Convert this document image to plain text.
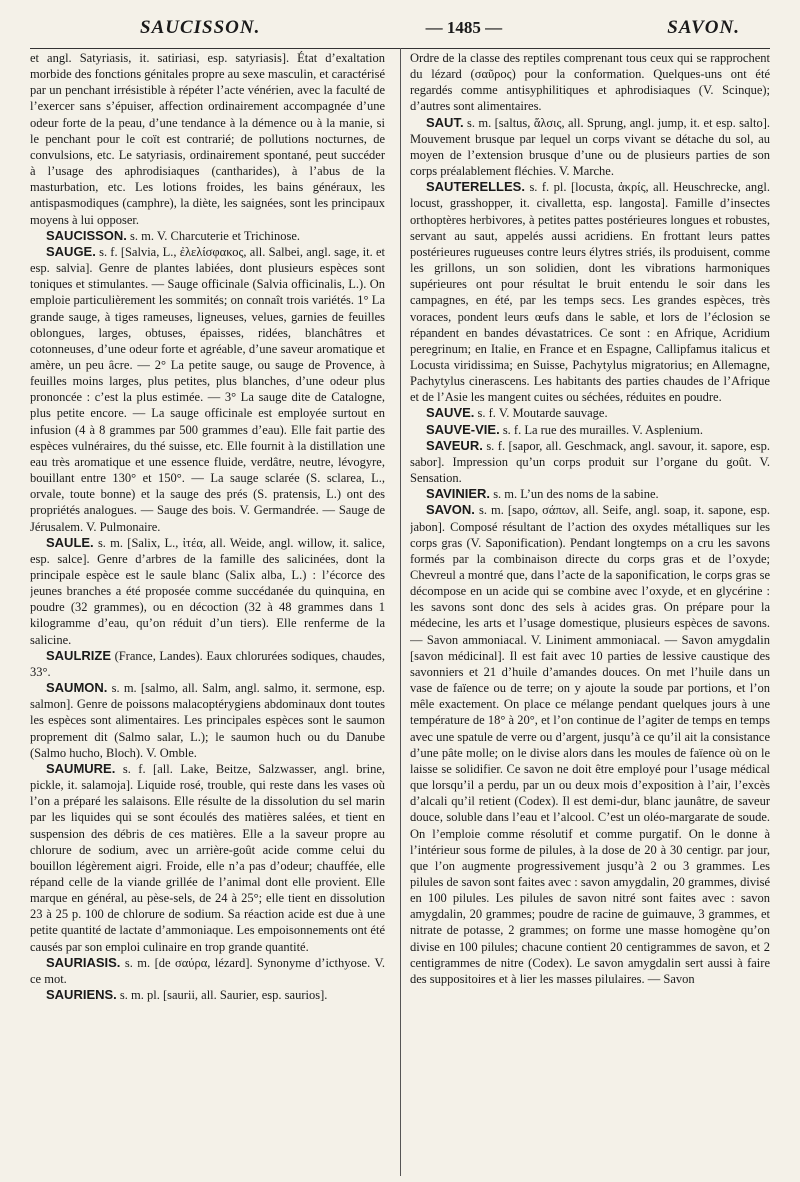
SAUCISSON.	— 1485 —	SAVON.

et angl. Satyriasis, it. satiriasi, esp. satyriasis]. État d’exaltation morbide des fonctions génitales propre au sexe masculin, et caractérisé par un penchant irrésistible à répéter l’acte vénérien, avec la faculté de l’exercer sans s’épuiser, affection ordinairement accompagnée d’une odeur forte de la peau, d’une tendance à la démence ou à la manie, si le penchant pour le coït est contrarié; de pollutions nocturnes, de convulsions, etc. Le satyriasis, ordinairement spontané, peut succéder à l’usage des aphrodisiaques (cantharides), à l’abus de la masturbation, etc. Les lotions froides, les bains généraux, les antispasmodiques (camphre), la diète, les saignées, sont les principaux moyens à lui opposer.

SAUCISSON. s. m. V. Charcuterie et Trichinose.

SAUGE. s. f. [Salvia, L., ἐλελίσφακος, all. Salbei, angl. sage, it. et esp. salvia]. Genre de plantes labiées, dont plusieurs espèces sont toniques et stimulantes. — Sauge officinale (Salvia officinalis, L.). On emploie particulièrement les sommités; on connaît trois variétés. 1° La grande sauge, à tiges rameuses, ligneuses, velues, garnies de feuilles oblongues, larges, obtuses, épaisses, ridées, blanchâtres et cotonneuses, d’une odeur forte et agréable, d’une saveur aromatique et amère, un peu âcre. — 2° La petite sauge, ou sauge de Provence, à feuilles moins larges, plus petites, plus blanches, d’une odeur plus prononcée : c’est la plus estimée. — 3° La sauge dite de Catalogne, plus petite encore. — La sauge officinale est employée surtout en infusion (4 à 8 grammes par 500 grammes d’eau). Elle fait partie des espèces vulnéraires, du thé suisse, etc. Elle fournit à la distillation une eau très aromatique et une essence fluide, verdâtre, neutre, lévogyre, bouillant entre 130° et 150°. — La sauge sclarée (S. sclarea, L., orvale, toute bonne) et la sauge des prés (S. pratensis, L.) ont des propriétés analogues. — Sauge des bois. V. Germandrée. — Sauge de Jérusalem. V. Pulmonaire.

SAULE. s. m. [Salix, L., ἰτέα, all. Weide, angl. willow, it. salice, esp. salce]. Genre d’arbres de la famille des salicinées, dont la principale espèce est le saule blanc (Salix alba, L.) : l’écorce des jeunes branches a été proposée comme succédanée du quinquina, en poudre (32 grammes), ou en décoction (32 à 48 grammes dans 1 kilogramme d’eau, qu’on réduit d’un tiers). Elle renferme de la salicine.

SAULRIZE (France, Landes). Eaux chlorurées sodiques, chaudes, 33°.

SAUMON. s. m. [salmo, all. Salm, angl. salmo, it. sermone, esp. salmon]. Genre de poissons malacoptérygiens abdominaux dont toutes les espèces sont alimentaires. Les principales espèces sont le saumon proprement dit (Salmo salar, L.); le saumon huch ou du Danube (Salmo hucho, Bloch). V. Omble.

SAUMURE. s. f. [all. Lake, Beitze, Salzwasser, angl. brine, pickle, it. salamoja]. Liquide rosé, trouble, qui reste dans les vases où l’on a préparé les salaisons. Elle résulte de la dissolution du sel marin par les liquides qui se sont écoulés des matières salées, et tient en suspension des débris de ces matières. Elle a la saveur propre au chlorure de sodium, avec un arrière-goût acide comme celui du bouillon légèrement aigri. Froide, elle n’a pas d’odeur; chauffée, elle répand celle de la viande grillée de l’animal dont elle provient. Elle marque en général, au pèse-sels, de 24 à 25°; elle tient en dissolution 23 à 25 p. 100 de chlorure de sodium. Sa réaction acide est due à une petite quantité de lactate d’ammoniaque. Les empoisonnements ont été causés par son emploi culinaire en trop grande quantité.

SAURIASIS. s. m. [de σαύρα, lézard]. Synonyme d’icthyose. V. ce mot.

SAURIENS. s. m. pl. [saurii, all. Saurier, esp. saurios].

Ordre de la classe des reptiles comprenant tous ceux qui se rapprochent du lézard (σαῦρος) pour la conformation. Quelques-uns ont été regardés comme antisyphilitiques et aphrodisiaques (V. Scinque); d’autres sont alimentaires.

SAUT. s. m. [saltus, ἅλσις, all. Sprung, angl. jump, it. et esp. salto]. Mouvement brusque par lequel un corps vivant se détache du sol, au moyen de l’extension brusque d’une ou de plusieurs parties de son corps préalablement fléchies. V. Marche.

SAUTERELLES. s. f. pl. [locusta, ἀκρίς, all. Heuschrecke, angl. locust, grasshopper, it. civalletta, esp. langosta]. Famille d’insectes orthoptères herbivores, à petites pattes postérieures longues et robustes, servant au saut, appelés aussi acridiens. En frottant leurs pattes postérieures rugueuses contre leurs élytres striés, ils produisent, comme les grillons, un son solidien, dont les vibrations harmoniques supérieures ont pour résultat le bruit entendu le soir dans les campagnes, en été, par les temps secs. Les grandes espèces, très voraces, pondent leurs œufs dans le sable, et lors de l’éclosion se répandent en bandes dévastatrices. Ce sont : en Afrique, Acridium peregrinum; en Italie, en France et en Espagne, Callipfamus italicus et Locusta viridissima; en Suisse, Pachytylus migratorius; en Allemagne, Pachytylus cinerascens. Les habitants des parties chaudes de l’Afrique et de l’Asie les mangent cuites ou séchées, réduites en poudre.

SAUVE. s. f. V. Moutarde sauvage.

SAUVE-VIE. s. f. La rue des murailles. V. Asplenium.

SAVEUR. s. f. [sapor, all. Geschmack, angl. savour, it. sapore, esp. sabor]. Impression qu’un corps produit sur l’organe du goût. V. Sensation.

SAVINIER. s. m. L’un des noms de la sabine.

SAVON. s. m. [sapo, σάπων, all. Seife, angl. soap, it. sapone, esp. jabon]. Composé résultant de l’action des oxydes métalliques sur les corps gras (V. Saponification). Pendant longtemps on a cru les savons formés par la combinaison directe du corps gras et de l’oxyde; Chevreul a montré que, dans l’acte de la saponification, le corps gras se décompose en un acide qui se combine avec l’oxyde, et en glycérine : les savons sont donc des sels à acides gras. On prépare pour la médecine, les arts et l’usage domestique, plusieurs espèces de savons. — Savon ammoniacal. V. Liniment ammoniacal. — Savon amygdalin [savon médicinal]. Il est fait avec 10 parties de lessive caustique des savonniers et 21 d’huile d’amandes douces. On met l’huile dans un vase de faïence ou de terre; on y ajoute la soude par portions, et l’on mêle exactement. On place ce mélange pendant quelques jours à une température de 18° à 20°, et l’on continue de l’agiter de temps en temps avec une spatule de verre ou d’argent, jusqu’à ce qu’il ait la consistance d’une pâte molle; on le divise alors dans les moules de faïence où on le laisse se solidifier. Ce savon ne doit être employé pour l’usage médical que lorsqu’il a perdu, par un ou deux mois d’exposition à l’air, l’excès d’alcali qu’il retient (Codex). Il est demi-dur, blanc jaunâtre, de saveur douce, soluble dans l’eau et l’alcool. C’est un oléo-margarate de soude. On l’emploie comme résolutif et comme purgatif. On le donne à l’intérieur sous forme de pilules, à la dose de 20 à 30 centigr. par jour, que l’on augmente progressivement jusqu’à 2 ou 3 grammes. Les pilules de savon sont faites avec : savon amygdalin, 20 grammes, divisé en 100 pilules. Les pilules de savon nitré sont faites avec : savon amygdalin, 20 grammes; poudre de racine de guimauve, 3 grammes, et nitrate de potasse, 2 grammes; on forme une masse homogène qu’on divise en 100 pilules; chacune contient 20 centigrammes de savon, et 2 centigrammes de nitre (Codex). Le savon amygdalin sert aussi à faire des suppositoires et à lier les masses pilulaires. — Savon
